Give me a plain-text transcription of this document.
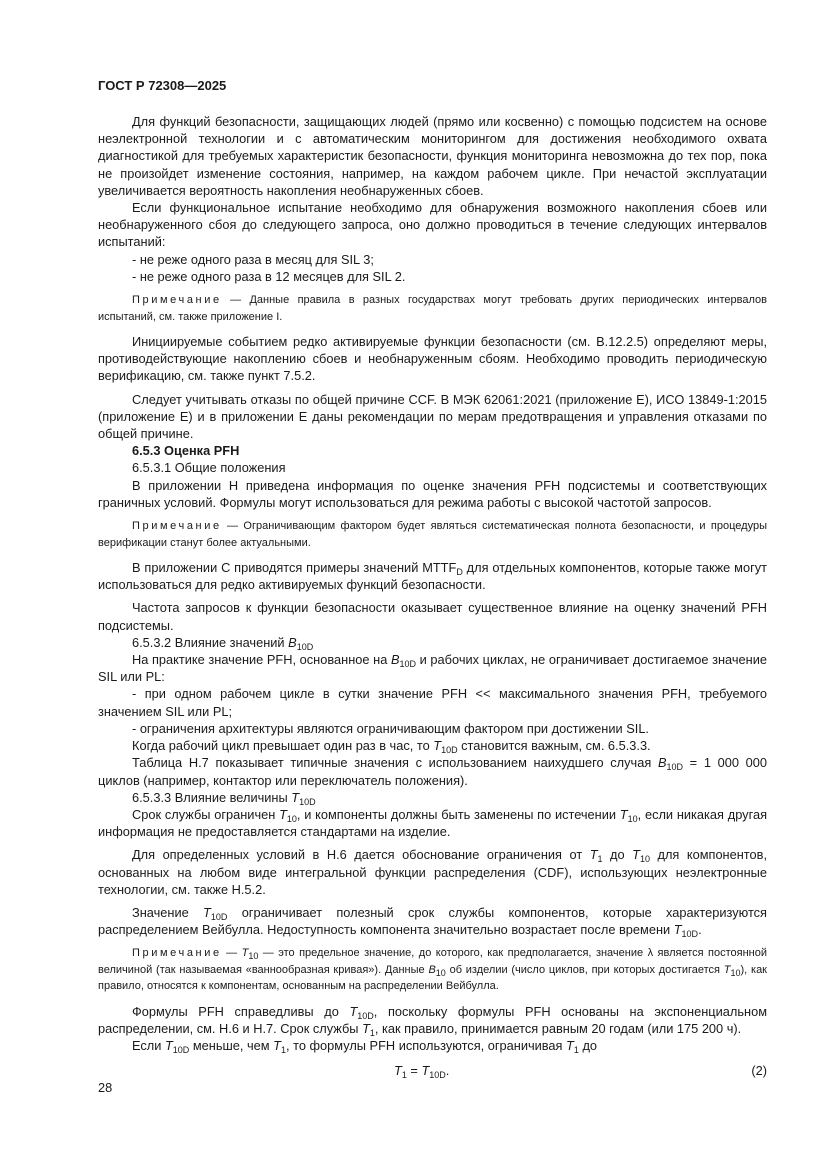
ГОСТ Р 72308—2025

Для функций безопасности, защищающих людей (прямо или косвенно) с помощью подсистем на основе неэлектронной технологии и с автоматическим мониторингом для достижения необходимого охвата диагностикой для требуемых характеристик безопасности, функция мониторинга невозможна до тех пор, пока не произойдет изменение состояния, например, на каждом рабочем цикле. При нечастой эксплуатации увеличивается вероятность накопления необнаруженных сбоев.

Если функциональное испытание необходимо для обнаружения возможного накопления сбоев или необнаруженного сбоя до следующего запроса, оно должно проводиться в течение следующих интервалов испытаний:

- не реже одного раза в месяц для SIL 3;

- не реже одного раза в 12 месяцев для SIL 2.

Примечание — Данные правила в разных государствах могут требовать других периодических интервалов испытаний, см. также приложение I.

Инициируемые событием редко активируемые функции безопасности (см. B.12.2.5) определяют меры, противодействующие накоплению сбоев и необнаруженным сбоям. Необходимо проводить периодическую верификацию, см. также пункт 7.5.2.

Следует учитывать отказы по общей причине CCF. В МЭК 62061:2021 (приложение E), ИСО 13849-1:2015 (приложение E) и в приложении E даны рекомендации по мерам предотвращения и управления отказами по общей причине.

6.5.3 Оценка PFH

6.5.3.1 Общие положения

В приложении H приведена информация по оценке значения PFH подсистемы и соответствующих граничных условий. Формулы могут использоваться для режима работы с высокой частотой запросов.

Примечание — Ограничивающим фактором будет являться систематическая полнота безопасности, и процедуры верификации станут более актуальными.

В приложении C приводятся примеры значений $MTTF_D$ для отдельных компонентов, которые также могут использоваться для редко активируемых функций безопасности.

Частота запросов к функции безопасности оказывает существенное влияние на оценку значений PFH подсистемы.

6.5.3.2 Влияние значений $B_{10D}$

На практике значение PFH, основанное на $B_{10D}$ и рабочих циклах, не ограничивает достигаемое значение SIL или PL:

- при одном рабочем цикле в сутки значение PFH << максимального значения PFH, требуемого значением SIL или PL;

- ограничения архитектуры являются ограничивающим фактором при достижении SIL.

Когда рабочий цикл превышает один раз в час, то $T_{10D}$ становится важным, см. 6.5.3.3.

Таблица H.7 показывает типичные значения с использованием наихудшего случая $B_{10D} = 1$ 000 000 циклов (например, контактор или переключатель положения).

6.5.3.3 Влияние величины $T_{10D}$

Срок службы ограничен $T_{10}$, и компоненты должны быть заменены по истечении $T_{10}$, если никакая другая информация не предоставляется стандартами на изделие.

Для определенных условий в H.6 дается обоснование ограничения от $T_1$ до $T_{10}$ для компонентов, основанных на любом виде интегральной функции распределения (CDF), использующих неэлектронные технологии, см. также H.5.2.

Значение $T_{10D}$ ограничивает полезный срок службы компонентов, которые характеризуются распределением Вейбулла. Недоступность компонента значительно возрастает после времени $T_{10D}$.

Примечание — $T_{10}$ — это предельное значение, до которого, как предполагается, значение λ является постоянной величиной (так называемая «ваннообразная кривая»). Данные $B_{10}$ об изделии (число циклов, при которых достигается $T_{10}$), как правило, относятся к компонентам, основанным на распределении Вейбулла.

Формулы PFH справедливы до $T_{10D}$, поскольку формулы PFH основаны на экспоненциальном распределении, см. H.6 и H.7. Срок службы $T_1$, как правило, принимается равным 20 годам (или 175 200 ч).

Если $T_{10D}$ меньше, чем $T_1$, то формулы PFH используются, ограничивая $T_1$ до

$T_1 = T_{10D}$.	(2)
28
